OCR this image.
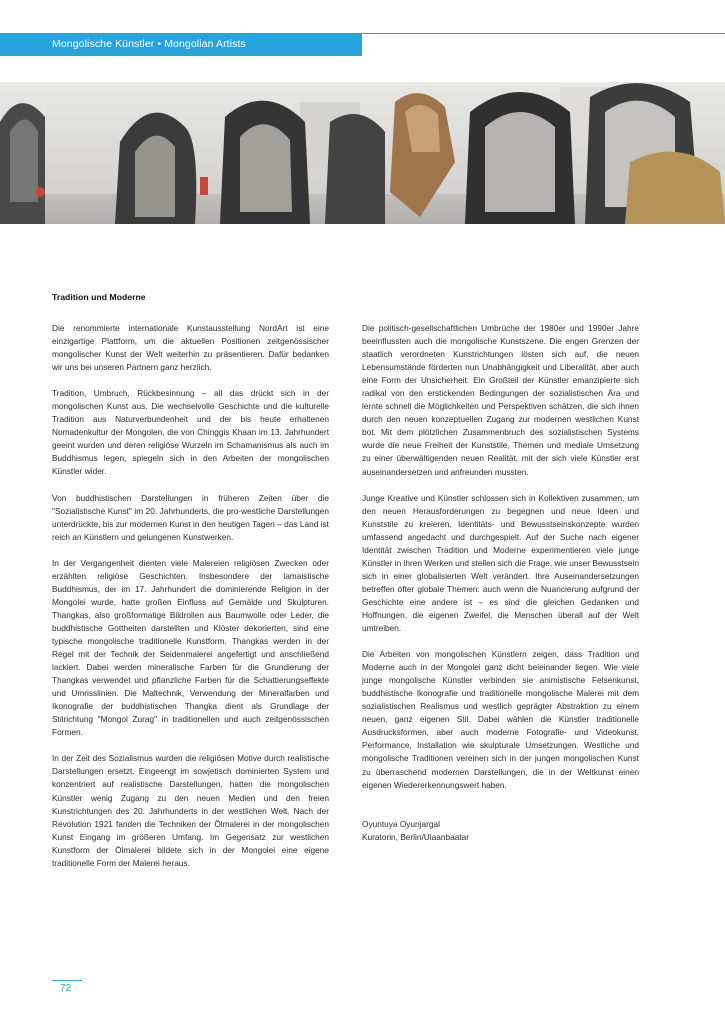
Mongolische Künstler • Mongolian Artists
Tradition und Moderne

Die renommierte internationale Kunstausstellung NordArt ist eine einzigartige Plattform, um die aktuellen Positionen zeitgenössischer mongolischer Kunst der Welt weiterhin zu präsentieren. Dafür bedanken wir uns bei unseren Partnern ganz herzlich.

Tradition, Umbruch, Rückbesinnung – all das drückt sich in der mongolischen Kunst aus. Die wechselvolle Geschichte und die kulturelle Tradition aus Naturverbundenheit und der bis heute erhaltenen Nomadenkultur der Mongolen, die von Chinggis Khaan im 13. Jahrhundert geeint wurden und deren religiöse Wurzeln im Schamanismus als auch im Buddhismus legen, spiegeln sich in den Arbeiten der mongolischen Künstler wider.

Von buddhistischen Darstellungen in früheren Zeiten über die "Sozialistische Kunst" im 20. Jahrhunderts, die pro-westliche Darstellungen unterdrückte, bis zur modernen Kunst in den heutigen Tagen – das Land ist reich an Künstlern und gelungenen Kunstwerken.

In der Vergangenheit dienten viele Malereien religiösen Zwecken oder erzählten religiöse Geschichten. Insbesondere der lamaistische Buddhismus, der im 17. Jahrhundert die dominierende Religion in der Mongolei wurde, hatte großen Einfluss auf Gemälde und Skulpturen. Thangkas, also großformatige Bildrollen aus Baumwolle oder Leder, die buddhistische Gottheiten darstellten und Klöster dekorierten, sind eine typische mongolische traditionelle Kunstform. Thangkas werden in der Regel mit der Technik der Seidenmalerei angefertigt und anschließend lackiert. Dabei werden mineralische Farben für die Grundierung der Thangkas verwendet und pflanzliche Farben für die Schattierungseffekte und Umrisslinien. Die Maltechnik, Verwendung der Mineralfarben und Ikonografie der buddhistischen Thangka dient als Grundlage der Stilrichtung "Mongol Zurag" in traditionellen und auch zeitgenössischen Formen.

In der Zeit des Sozialismus wurden die religiösen Motive durch realistische Darstellungen ersetzt. Eingeengt im sowjetisch dominierten System und konzentriert auf realistische Darstellungen, hatten die mongolischen Künstler wenig Zugang zu den neuen Medien und den freien Kunstrichtungen des 20. Jahrhunderts in der westlichen Welt. Nach der Revolution 1921 fanden die Techniken der Ölmalerei in der mongolischen Kunst Eingang im größeren Umfang. Im Gegensatz zur westlichen Kunstform der Ölmalerei bildete sich in der Mongolei eine eigene traditionelle Form der Malerei heraus.

Die politisch-gesellschaftlichen Umbrüche der 1980er und 1990er Jahre beeinflussten auch die mongolische Kunstszene. Die engen Grenzen der staatlich verordneten Kunstrichtungen lösten sich auf, die neuen Lebensumstände förderten nun Unabhängigkeit und Liberalität, aber auch eine Form der Unsicherheit. Ein Großteil der Künstler emanzipierte sich radikal von den erstickenden Bedingungen der sozialistischen Ära und lernte schnell die Möglichkeiten und Perspektiven schätzen, die sich ihnen durch den neuen konzeptuellen Zugang zur modernen westlichen Kunst bot. Mit dem plötzlichen Zusammenbruch des sozialistischen Systems wurde die neue Freiheit der Kunststile, Themen und mediale Umsetzung zu einer überwältigenden neuen Realität, mit der sich viele Künstler erst auseinandersetzen und anfreunden mussten.

Junge Kreative und Künstler schlossen sich in Kollektiven zusammen, um den neuen Herausforderungen zu begegnen und neue Ideen und Kunststile zu kreieren. Identitäts- und Bewusstseinskonzepte wurden umfassend angedacht und durchgespielt. Auf der Suche nach eigener Identität zwischen Tradition und Moderne experimentieren viele junge Künstler in ihren Werken und stellen sich die Frage, wie unser Bewusstsein sich in einer globalisierten Welt verändert. Ihre Auseinandersetzungen betreffen öfter globale Themen: auch wenn die Nuancierung aufgrund der Geschichte eine andere ist – es sind die gleichen Gedanken und Hoffnungen, die eigenen Zweifel, die Menschen überall auf der Welt umtreiben.

Die Arbeiten von mongolischen Künstlern zeigen, dass Tradition und Moderne auch in der Mongolei ganz dicht beieinander liegen. Wie viele junge mongolische Künstler verbinden sie animistische Felsenkunst, buddhistische Ikonografie und traditionelle mongolische Malerei mit dem sozialistischen Realismus und westlich geprägter Abstraktion zu einem neuen, ganz eigenen Stil. Dabei wählen die Künstler traditionelle Ausdrucksformen, aber auch moderne Fotografie- und Videokunst, Performance, Installation wie skulpturale Umsetzungen. Westliche und mongolische Traditionen vereinen sich in der jungen mongolischen Kunst zu überraschend modernen Darstellungen, die in der Weltkunst einen eigenen Wiedererkennungswert haben.

Oyuntuya Oyunjargal
Kuratorin, Berlin/Ulaanbaatar
72
